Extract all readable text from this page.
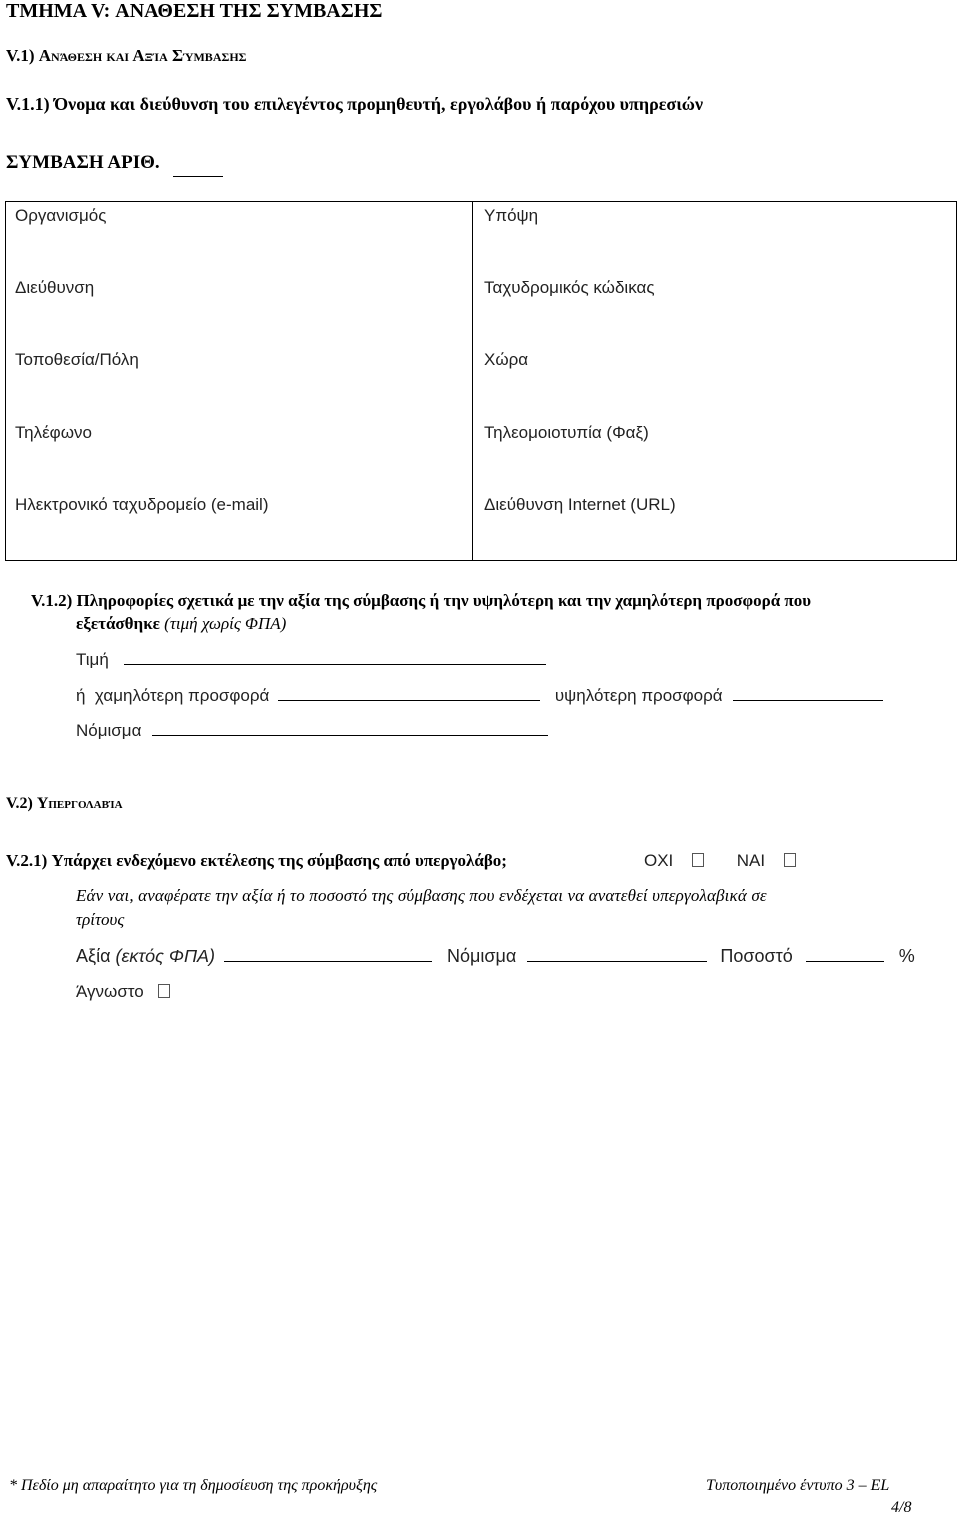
ΤΜΗΜΑ V: ΑΝΑΘΕΣΗ ΤΗΣ ΣΥΜΒΑΣΗΣ
V.1) Ανάθεση και Αξία Σύμβασης
V.1.1) Όνομα και διεύθυνση του επιλεγέντος προμηθευτή, εργολάβου ή παρόχου υπηρεσιών
ΣΥΜΒΑΣΗ ΑΡΙΘ.
Οργανισμός	Υπόψη
Διεύθυνση	Ταχυδρομικός κώδικας
Τοποθεσία/Πόλη	Χώρα
Τηλέφωνο	Τηλεομοιοτυπία (Φαξ)
Ηλεκτρονικό ταχυδρομείο (e-mail)	Διεύθυνση Internet (URL)
V.1.2) Πληροφορίες σχετικά με την αξία της σύμβασης ή την υψηλότερη και την χαμηλότερη προσφορά που
εξετάσθηκε (τιμή χωρίς ΦΠΑ)
Τιμή
ή  χαμηλότερη προσφορά	υψηλότερη προσφορά
Νόμισμα
V.2) Υπεργολαβία
V.2.1) Υπάρχει ενδεχόμενο εκτέλεσης της σύμβασης από υπεργολάβο;	ΟΧΙ	ΝΑΙ
Εάν ναι, αναφέρατε την αξία ή το ποσοστό της σύμβασης που ενδέχεται να ανατεθεί υπεργολαβικά σε
τρίτους
Αξία (εκτός ΦΠΑ)	Νόμισμα	Ποσοστό	%
Άγνωστο
* Πεδίο μη απαραίτητο για τη δημοσίευση της προκήρυξης	Τυποποιημένο έντυπο 3 – EL
4/8
